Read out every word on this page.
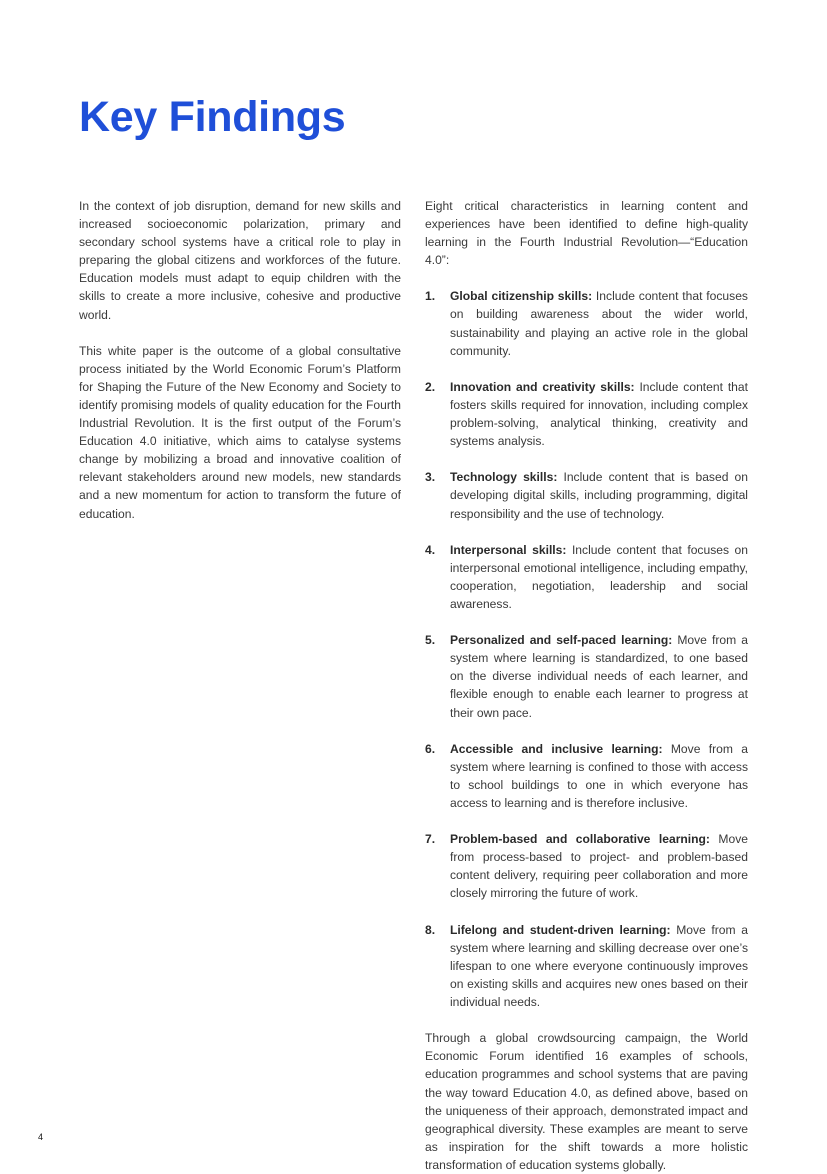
Key Findings

In the context of job disruption, demand for new skills and increased socioeconomic polarization, primary and secondary school systems have a critical role to play in preparing the global citizens and workforces of the future. Education models must adapt to equip children with the skills to create a more inclusive, cohesive and productive world.

This white paper is the outcome of a global consultative process initiated by the World Economic Forum’s Platform for Shaping the Future of the New Economy and Society to identify promising models of quality education for the Fourth Industrial Revolution. It is the first output of the Forum’s Education 4.0 initiative, which aims to catalyse systems change by mobilizing a broad and innovative coalition of relevant stakeholders around new models, new standards and a new momentum for action to transform the future of education.

Eight critical characteristics in learning content and experiences have been identified to define high-quality learning in the Fourth Industrial Revolution—“Education 4.0”:

1. Global citizenship skills: Include content that focuses on building awareness about the wider world, sustainability and playing an active role in the global community.
2. Innovation and creativity skills: Include content that fosters skills required for innovation, including complex problem-solving, analytical thinking, creativity and systems analysis.
3. Technology skills: Include content that is based on developing digital skills, including programming, digital responsibility and the use of technology.
4. Interpersonal skills: Include content that focuses on interpersonal emotional intelligence, including empathy, cooperation, negotiation, leadership and social awareness.
5. Personalized and self-paced learning: Move from a system where learning is standardized, to one based on the diverse individual needs of each learner, and flexible enough to enable each learner to progress at their own pace.
6. Accessible and inclusive learning: Move from a system where learning is confined to those with access to school buildings to one in which everyone has access to learning and is therefore inclusive.
7. Problem-based and collaborative learning: Move from process-based to project- and problem-based content delivery, requiring peer collaboration and more closely mirroring the future of work.
8. Lifelong and student-driven learning: Move from a system where learning and skilling decrease over one’s lifespan to one where everyone continuously improves on existing skills and acquires new ones based on their individual needs.

Through a global crowdsourcing campaign, the World Economic Forum identified 16 examples of schools, education programmes and school systems that are paving the way toward Education 4.0, as defined above, based on the uniqueness of their approach, demonstrated impact and geographical diversity. These examples are meant to serve as inspiration for the shift towards a more holistic transformation of education systems globally.

4
